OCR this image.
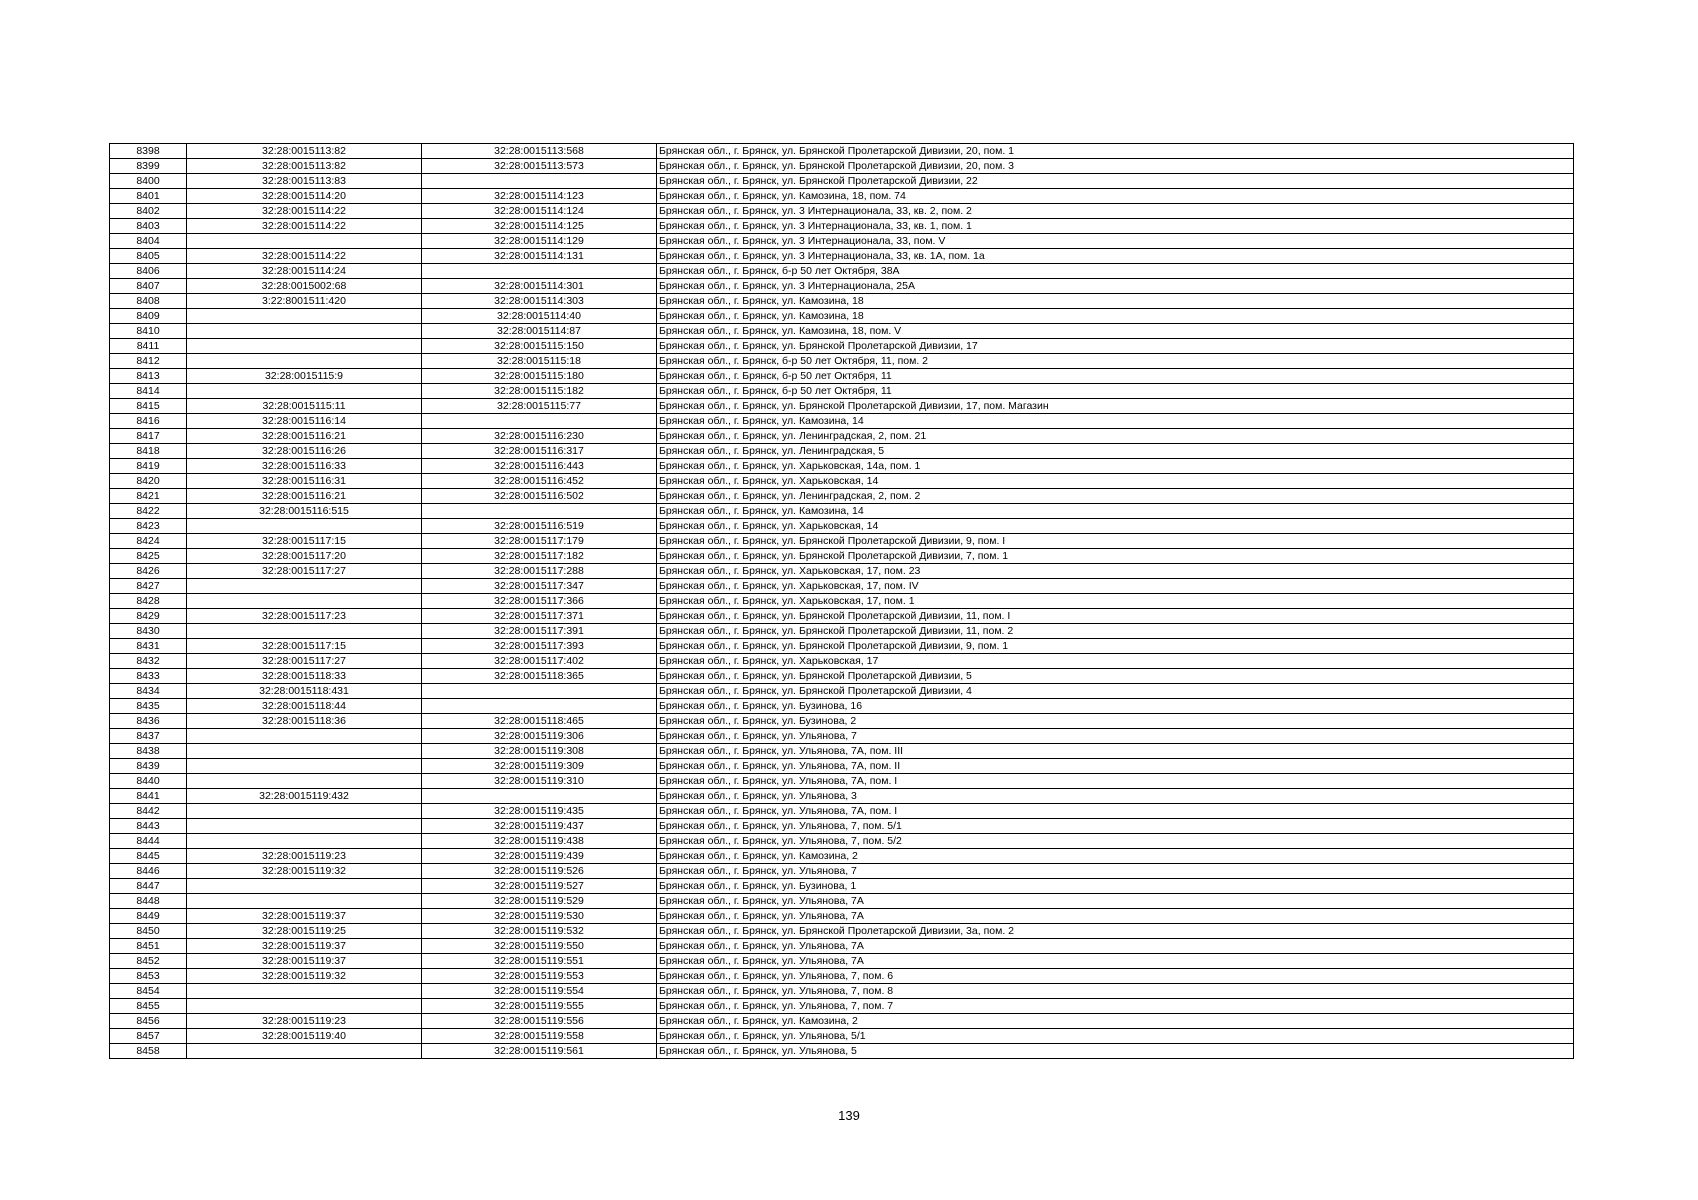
8398	32:28:0015113:82	32:28:0015113:568	Брянская обл., г. Брянск, ул. Брянской Пролетарской Дивизии, 20, пом. 1
8399	32:28:0015113:82	32:28:0015113:573	Брянская обл., г. Брянск, ул. Брянской Пролетарской Дивизии, 20, пом. 3
8400	32:28:0015113:83		Брянская обл., г. Брянск, ул. Брянской Пролетарской Дивизии, 22
8401	32:28:0015114:20	32:28:0015114:123	Брянская обл., г. Брянск, ул. Камозина, 18, пом. 74
8402	32:28:0015114:22	32:28:0015114:124	Брянская обл., г. Брянск, ул. 3 Интернационала, 33, кв. 2, пом. 2
8403	32:28:0015114:22	32:28:0015114:125	Брянская обл., г. Брянск, ул. 3 Интернационала, 33, кв. 1, пом. 1
8404		32:28:0015114:129	Брянская обл., г. Брянск, ул. 3 Интернационала, 33, пом. V
8405	32:28:0015114:22	32:28:0015114:131	Брянская обл., г. Брянск, ул. 3 Интернационала, 33, кв. 1А, пом. 1а
8406	32:28:0015114:24		Брянская обл., г. Брянск, б-р 50 лет Октября, 38А
8407	32:28:0015002:68	32:28:0015114:301	Брянская обл., г. Брянск, ул. 3 Интернационала, 25А
8408	3:22:8001511:420	32:28:0015114:303	Брянская обл., г. Брянск, ул. Камозина, 18
8409		32:28:0015114:40	Брянская обл., г. Брянск, ул. Камозина, 18
8410		32:28:0015114:87	Брянская обл., г. Брянск, ул. Камозина, 18, пом. V
8411		32:28:0015115:150	Брянская обл., г. Брянск, ул. Брянской Пролетарской Дивизии, 17
8412		32:28:0015115:18	Брянская обл., г. Брянск, б-р 50 лет Октября, 11, пом. 2
8413	32:28:0015115:9	32:28:0015115:180	Брянская обл., г. Брянск, б-р 50 лет Октября, 11
8414		32:28:0015115:182	Брянская обл., г. Брянск, б-р 50 лет Октября, 11
8415	32:28:0015115:11	32:28:0015115:77	Брянская обл., г. Брянск, ул. Брянской Пролетарской Дивизии, 17, пом. Магазин
8416	32:28:0015116:14		Брянская обл., г. Брянск, ул. Камозина, 14
8417	32:28:0015116:21	32:28:0015116:230	Брянская обл., г. Брянск, ул. Ленинградская, 2, пом. 21
8418	32:28:0015116:26	32:28:0015116:317	Брянская обл., г. Брянск, ул. Ленинградская, 5
8419	32:28:0015116:33	32:28:0015116:443	Брянская обл., г. Брянск, ул. Харьковская, 14а, пом. 1
8420	32:28:0015116:31	32:28:0015116:452	Брянская обл., г. Брянск, ул. Харьковская, 14
8421	32:28:0015116:21	32:28:0015116:502	Брянская обл., г. Брянск, ул. Ленинградская, 2, пом. 2
8422	32:28:0015116:515		Брянская обл., г. Брянск, ул. Камозина, 14
8423		32:28:0015116:519	Брянская обл., г. Брянск, ул. Харьковская, 14
8424	32:28:0015117:15	32:28:0015117:179	Брянская обл., г. Брянск, ул. Брянской Пролетарской Дивизии, 9, пом. I
8425	32:28:0015117:20	32:28:0015117:182	Брянская обл., г. Брянск, ул. Брянской Пролетарской Дивизии, 7, пом. 1
8426	32:28:0015117:27	32:28:0015117:288	Брянская обл., г. Брянск, ул. Харьковская, 17, пом. 23
8427		32:28:0015117:347	Брянская обл., г. Брянск, ул. Харьковская, 17, пом. IV
8428		32:28:0015117:366	Брянская обл., г. Брянск, ул. Харьковская, 17, пом. 1
8429	32:28:0015117:23	32:28:0015117:371	Брянская обл., г. Брянск, ул. Брянской Пролетарской Дивизии, 11, пом. I
8430		32:28:0015117:391	Брянская обл., г. Брянск, ул. Брянской Пролетарской Дивизии, 11, пом. 2
8431	32:28:0015117:15	32:28:0015117:393	Брянская обл., г. Брянск, ул. Брянской Пролетарской Дивизии, 9, пом. 1
8432	32:28:0015117:27	32:28:0015117:402	Брянская обл., г. Брянск, ул. Харьковская, 17
8433	32:28:0015118:33	32:28:0015118:365	Брянская обл., г. Брянск, ул. Брянской Пролетарской Дивизии, 5
8434	32:28:0015118:431		Брянская обл., г. Брянск, ул. Брянской Пролетарской Дивизии, 4
8435	32:28:0015118:44		Брянская обл., г. Брянск, ул. Бузинова, 16
8436	32:28:0015118:36	32:28:0015118:465	Брянская обл., г. Брянск, ул. Бузинова, 2
8437		32:28:0015119:306	Брянская обл., г. Брянск, ул. Ульянова, 7
8438		32:28:0015119:308	Брянская обл., г. Брянск, ул. Ульянова, 7А, пом. III
8439		32:28:0015119:309	Брянская обл., г. Брянск, ул. Ульянова, 7А, пом. II
8440		32:28:0015119:310	Брянская обл., г. Брянск, ул. Ульянова, 7А, пом. I
8441	32:28:0015119:432		Брянская обл., г. Брянск, ул. Ульянова, 3
8442		32:28:0015119:435	Брянская обл., г. Брянск, ул. Ульянова, 7А, пом. I
8443		32:28:0015119:437	Брянская обл., г. Брянск, ул. Ульянова, 7, пом. 5/1
8444		32:28:0015119:438	Брянская обл., г. Брянск, ул. Ульянова, 7, пом. 5/2
8445	32:28:0015119:23	32:28:0015119:439	Брянская обл., г. Брянск, ул. Камозина, 2
8446	32:28:0015119:32	32:28:0015119:526	Брянская обл., г. Брянск, ул. Ульянова, 7
8447		32:28:0015119:527	Брянская обл., г. Брянск, ул. Бузинова, 1
8448		32:28:0015119:529	Брянская обл., г. Брянск, ул. Ульянова, 7А
8449	32:28:0015119:37	32:28:0015119:530	Брянская обл., г. Брянск, ул. Ульянова, 7А
8450	32:28:0015119:25	32:28:0015119:532	Брянская обл., г. Брянск, ул. Брянской Пролетарской Дивизии, 3а, пом. 2
8451	32:28:0015119:37	32:28:0015119:550	Брянская обл., г. Брянск, ул. Ульянова, 7А
8452	32:28:0015119:37	32:28:0015119:551	Брянская обл., г. Брянск, ул. Ульянова, 7А
8453	32:28:0015119:32	32:28:0015119:553	Брянская обл., г. Брянск, ул. Ульянова, 7, пом. 6
8454		32:28:0015119:554	Брянская обл., г. Брянск, ул. Ульянова, 7, пом. 8
8455		32:28:0015119:555	Брянская обл., г. Брянск, ул. Ульянова, 7, пом. 7
8456	32:28:0015119:23	32:28:0015119:556	Брянская обл., г. Брянск, ул. Камозина, 2
8457	32:28:0015119:40	32:28:0015119:558	Брянская обл., г. Брянск, ул. Ульянова, 5/1
8458		32:28:0015119:561	Брянская обл., г. Брянск, ул. Ульянова, 5
139
